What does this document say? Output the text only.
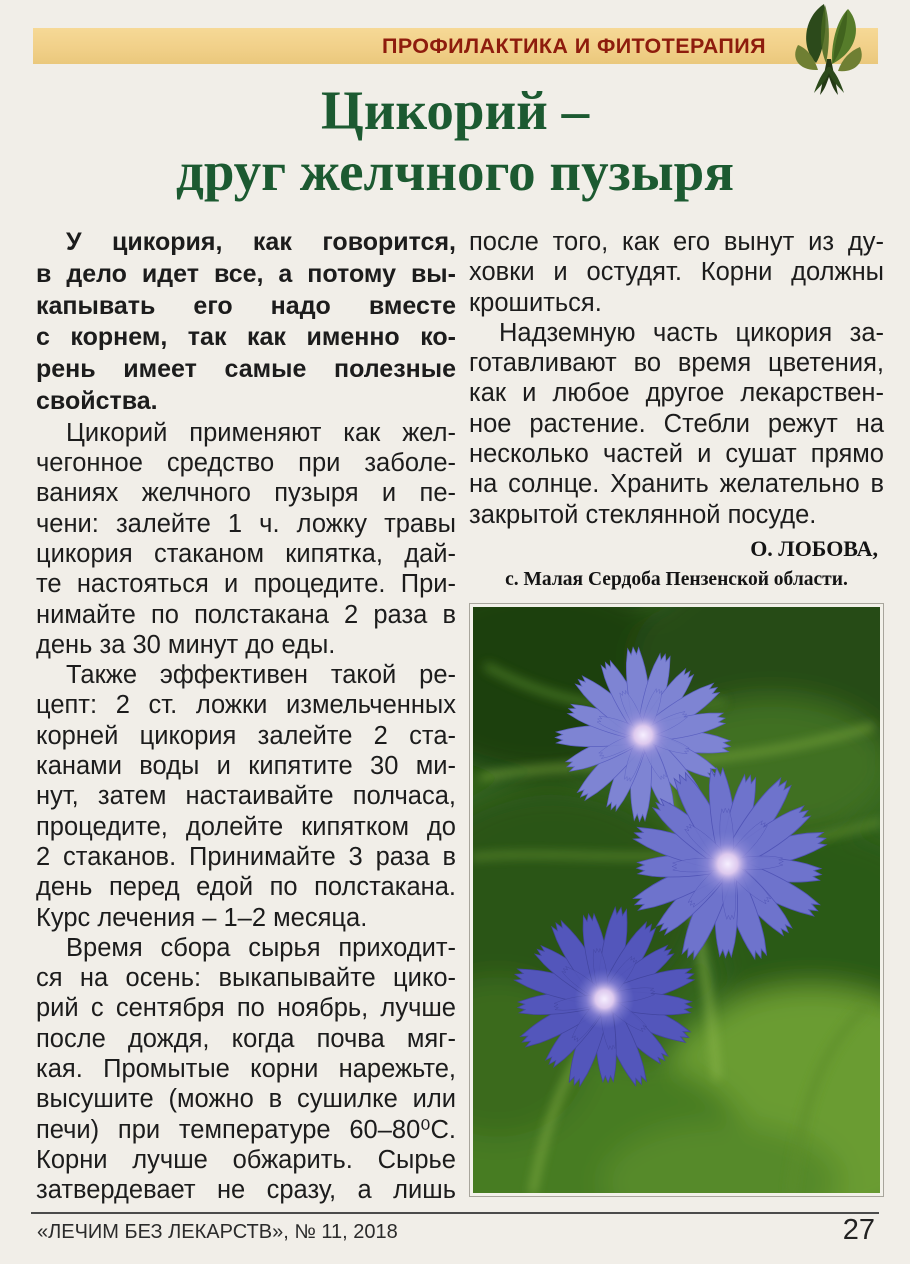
ПРОФИЛАКТИКА И ФИТОТЕРАПИЯ
Цикорий –
друг желчного пузыря
У цикория, как говорится,
в дело идет все, а потому вы-
капывать его надо вместе
с корнем, так как именно ко-
рень имеет самые полезные
свойства.
Цикорий применяют как жел-
чегонное средство при заболе-
ваниях желчного пузыря и пе-
чени: залейте 1 ч. ложку травы
цикория стаканом кипятка, дай-
те настояться и процедите. При-
нимайте по полстакана 2 раза в
день за 30 минут до еды.
Также эффективен такой ре-
цепт: 2 ст. ложки измельченных
корней цикория залейте 2 ста-
канами воды и кипятите 30 ми-
нут, затем настаивайте полчаса,
процедите, долейте кипятком до
2 стаканов. Принимайте 3 раза в
день перед едой по полстакана.
Курс лечения – 1–2 месяца.
Время сбора сырья приходит-
ся на осень: выкапывайте цико-
рий с сентября по ноябрь, лучше
после дождя, когда почва мяг-
кая. Промытые корни нарежьте,
высушите (можно в сушилке или
печи) при температуре 60–80⁰С.
Корни лучше обжарить. Сырье
затвердевает не сразу, а лишь
после того, как его вынут из ду-
ховки и остудят. Корни должны
крошиться.
Надземную часть цикория за-
готавливают во время цветения,
как и любое другое лекарствен-
ное растение. Стебли режут на
несколько частей и сушат прямо
на солнце. Хранить желательно в
закрытой стеклянной посуде.
О. ЛОБОВА,
с. Малая Сердоба Пензенской области.
«ЛЕЧИМ БЕЗ ЛЕКАРСТВ», № 11, 2018	27
